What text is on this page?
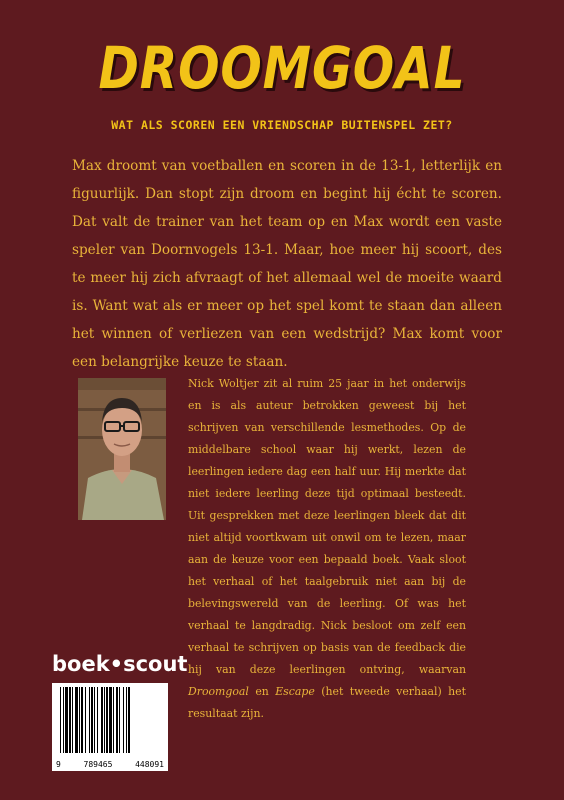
DROOMGOAL
WAT ALS SCOREN EEN VRIENDSCHAP BUITENSPEL ZET?
Max droomt van voetballen en scoren in de 13-1, letterlijk en figuurlijk. Dan stopt zijn droom en begint hij écht te scoren. Dat valt de trainer van het team op en Max wordt een vaste speler van Doornvogels 13-1. Maar, hoe meer hij scoort, des te meer hij zich afvraagt of het allemaal wel de moeite waard is. Want wat als er meer op het spel komt te staan dan alleen het winnen of verliezen van een wedstrijd? Max komt voor een belangrijke keuze te staan.
Nick Woltjer zit al ruim 25 jaar in het onderwijs en is als auteur betrokken geweest bij het schrijven van verschillende lesmethodes. Op de middelbare school waar hij werkt, lezen de leerlingen iedere dag een half uur. Hij merkte dat niet iedere leerling deze tijd optimaal besteedt. Uit gesprekken met deze leerlingen bleek dat dit niet altijd voortkwam uit onwil om te lezen, maar aan de keuze voor een bepaald boek. Vaak sloot het verhaal of het taalgebruik niet aan bij de belevingswereld van de leerling. Of was het verhaal te langdradig. Nick besloot om zelf een verhaal te schrijven op basis van de feedback die hij van deze leerlingen ontving, waarvan Droomgoal en Escape (het tweede verhaal) het resultaat zijn.
boek•scout
9	789465	448091
